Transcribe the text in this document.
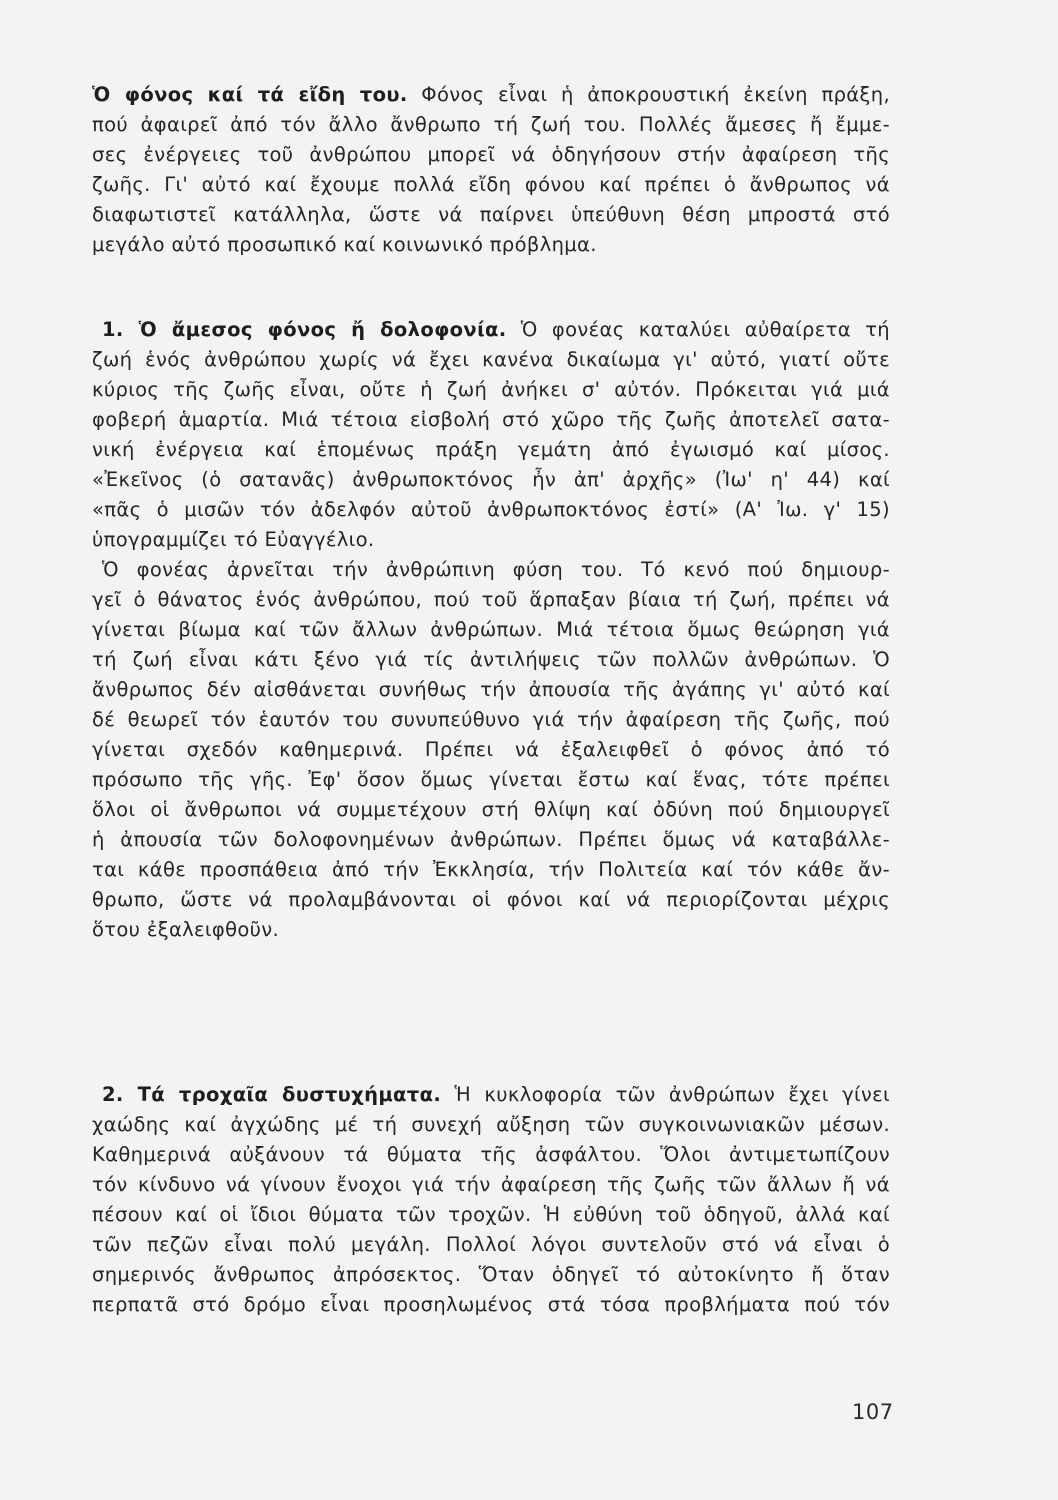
Ὁ φόνος καί τά εἴδη του. Φόνος εἶναι ἡ ἀποκρουστική ἐκείνη πράξη,
πού ἀφαιρεῖ ἀπό τόν ἄλλο ἄνθρωπο τή ζωή του. Πολλές ἄμεσες ἤ ἔμμε-
σες ἐνέργειες τοῦ ἀνθρώπου μπορεῖ νά ὁδηγήσουν στήν ἀφαίρεση τῆς
ζωῆς. Γι' αὐτό καί ἔχουμε πολλά εἴδη φόνου καί πρέπει ὁ ἄνθρωπος νά
διαφωτιστεῖ κατάλληλα, ὥστε νά παίρνει ὑπεύθυνη θέση μπροστά στό
μεγάλο αὐτό προσωπικό καί κοινωνικό πρόβλημα.
1. Ὁ ἄμεσος φόνος ἤ δολοφονία. Ὁ φονέας καταλύει αὐθαίρετα τή
ζωή ἑνός ἀνθρώπου χωρίς νά ἔχει κανένα δικαίωμα γι' αὐτό, γιατί οὔτε
κύριος τῆς ζωῆς εἶναι, οὔτε ἡ ζωή ἀνήκει σ' αὐτόν. Πρόκειται γιά μιά
φοβερή ἁμαρτία. Μιά τέτοια εἰσβολή στό χῶρο τῆς ζωῆς ἀποτελεῖ σατα-
νική ἐνέργεια καί ἑπομένως πράξη γεμάτη ἀπό ἐγωισμό καί μίσος.
«Ἐκεῖνος (ὁ σατανᾶς) ἀνθρωποκτόνος ἦν ἀπ' ἀρχῆς» (Ἰω' η' 44) καί
«πᾶς ὁ μισῶν τόν ἀδελφόν αὐτοῦ ἀνθρωποκτόνος ἐστί» (Α' Ἰω. γ' 15)
ὑπογραμμίζει τό Εὐαγγέλιο.
Ὁ φονέας ἀρνεῖται τήν ἀνθρώπινη φύση του. Τό κενό πού δημιουρ-
γεῖ ὁ θάνατος ἑνός ἀνθρώπου, πού τοῦ ἅρπαξαν βίαια τή ζωή, πρέπει νά
γίνεται βίωμα καί τῶν ἄλλων ἀνθρώπων. Μιά τέτοια ὅμως θεώρηση γιά
τή ζωή εἶναι κάτι ξένο γιά τίς ἀντιλήψεις τῶν πολλῶν ἀνθρώπων. Ὁ
ἄνθρωπος δέν αἰσθάνεται συνήθως τήν ἀπουσία τῆς ἀγάπης γι' αὐτό καί
δέ θεωρεῖ τόν ἑαυτόν του συνυπεύθυνο γιά τήν ἀφαίρεση τῆς ζωῆς, πού
γίνεται σχεδόν καθημερινά. Πρέπει νά ἐξαλειφθεῖ ὁ φόνος ἀπό τό
πρόσωπο τῆς γῆς. Ἐφ' ὅσον ὅμως γίνεται ἔστω καί ἕνας, τότε πρέπει
ὅλοι οἱ ἄνθρωποι νά συμμετέχουν στή θλίψη καί ὀδύνη πού δημιουργεῖ
ἡ ἀπουσία τῶν δολοφονημένων ἀνθρώπων. Πρέπει ὅμως νά καταβάλλε-
ται κάθε προσπάθεια ἀπό τήν Ἐκκλησία, τήν Πολιτεία καί τόν κάθε ἄν-
θρωπο, ὥστε νά προλαμβάνονται οἱ φόνοι καί νά περιορίζονται μέχρις
ὅτου ἐξαλειφθοῦν.
2. Τά τροχαῖα δυστυχήματα. Ἡ κυκλοφορία τῶν ἀνθρώπων ἔχει γίνει
χαώδης καί ἀγχώδης μέ τή συνεχή αὔξηση τῶν συγκοινωνιακῶν μέσων.
Καθημερινά αὐξάνουν τά θύματα τῆς ἀσφάλτου. Ὅλοι ἀντιμετωπίζουν
τόν κίνδυνο νά γίνουν ἔνοχοι γιά τήν ἀφαίρεση τῆς ζωῆς τῶν ἄλλων ἤ νά
πέσουν καί οἱ ἴδιοι θύματα τῶν τροχῶν. Ἡ εὐθύνη τοῦ ὁδηγοῦ, ἀλλά καί
τῶν πεζῶν εἶναι πολύ μεγάλη. Πολλοί λόγοι συντελοῦν στό νά εἶναι ὁ
σημερινός ἄνθρωπος ἀπρόσεκτος. Ὅταν ὁδηγεῖ τό αὐτοκίνητο ἤ ὅταν
περπατᾶ στό δρόμο εἶναι προσηλωμένος στά τόσα προβλήματα πού τόν
107
